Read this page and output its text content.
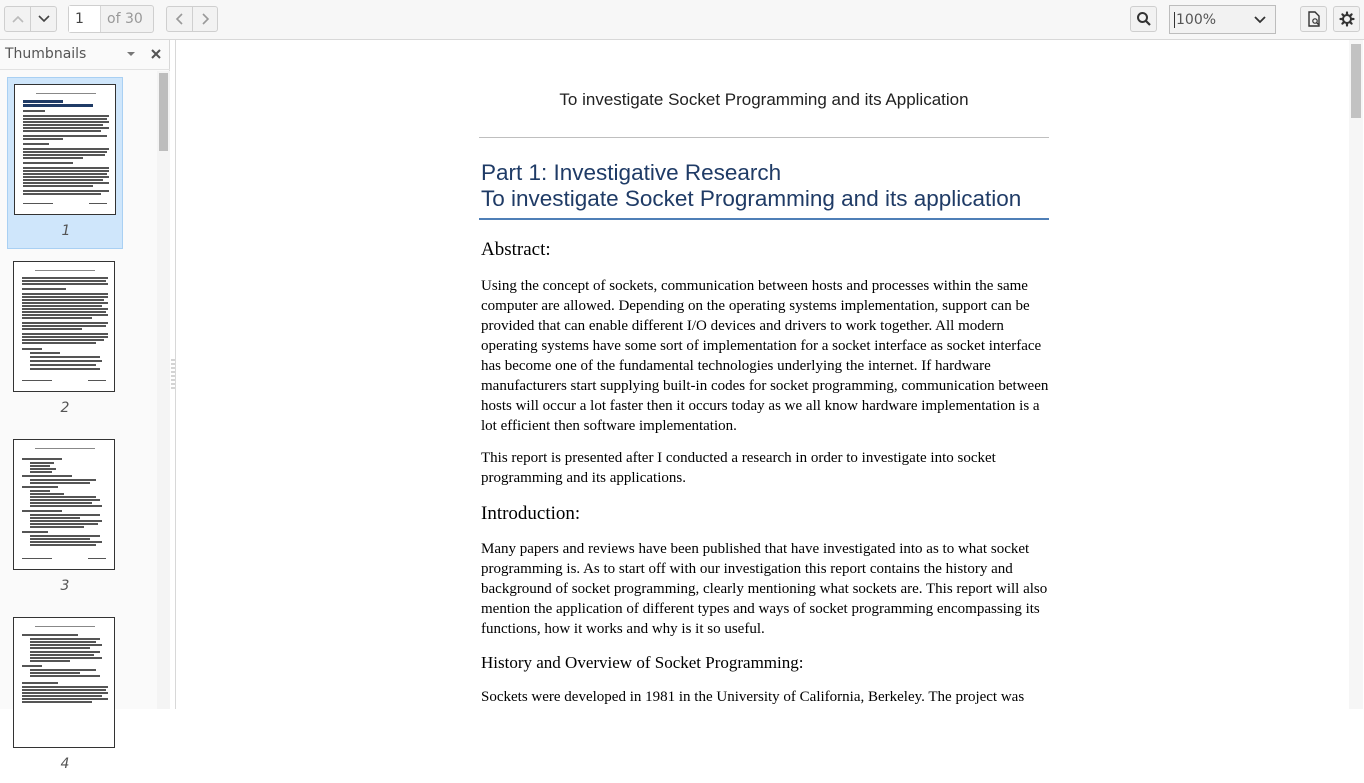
1	of 30	100%
Thumbnails
1
2
3
4
To investigate Socket Programming and its Application
Part 1: Investigative Research
To investigate Socket Programming and its application
Abstract:
Using the concept of sockets, communication between hosts and processes within the same computer are allowed. Depending on the operating systems implementation, support can be provided that can enable different I/O devices and drivers to work together. All modern operating systems have some sort of implementation for a socket interface as socket interface has become one of the fundamental technologies underlying the internet. If hardware manufacturers start supplying built-in codes for socket programming, communication between hosts will occur a lot faster then it occurs today as we all know hardware implementation is a lot efficient then software implementation.
This report is presented after I conducted a research in order to investigate into socket programming and its applications.
Introduction:
Many papers and reviews have been published that have investigated into as to what socket programming is. As to start off with our investigation this report contains the history and background of socket programming, clearly mentioning what sockets are. This report will also mention the application of different types and ways of socket programming encompassing its functions, how it works and why is it so useful.
History and Overview of Socket Programming:
Sockets were developed in 1981 in the University of California, Berkeley. The project was
